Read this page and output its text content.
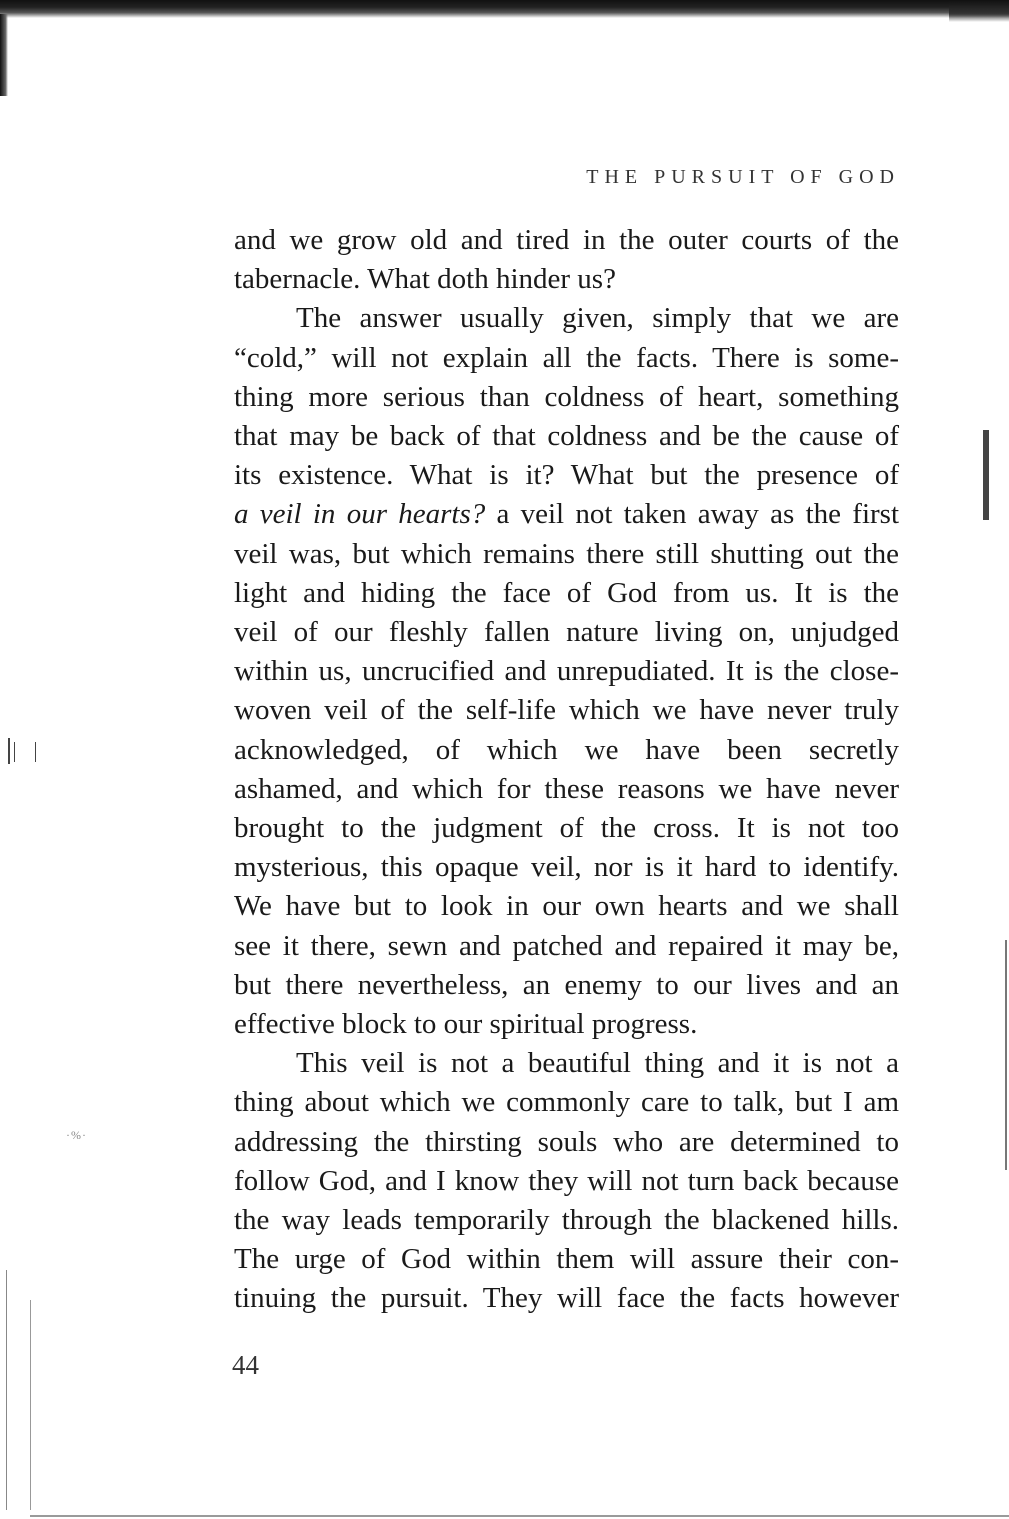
·%·
THE PURSUIT OF GOD
and we grow old and tired in the outer courts of the
tabernacle. What doth hinder us?
The answer usually given, simply that we are
“cold,” will not explain all the facts. There is some-
thing more serious than coldness of heart, something
that may be back of that coldness and be the cause of
its existence. What is it? What but the presence of
a veil in our hearts? a veil not taken away as the first
veil was, but which remains there still shutting out the
light and hiding the face of God from us. It is the
veil of our fleshly fallen nature living on, unjudged
within us, uncrucified and unrepudiated. It is the close-
woven veil of the self-life which we have never truly
acknowledged, of which we have been secretly
ashamed, and which for these reasons we have never
brought to the judgment of the cross. It is not too
mysterious, this opaque veil, nor is it hard to identify.
We have but to look in our own hearts and we shall
see it there, sewn and patched and repaired it may be,
but there nevertheless, an enemy to our lives and an
effective block to our spiritual progress.
This veil is not a beautiful thing and it is not a
thing about which we commonly care to talk, but I am
addressing the thirsting souls who are determined to
follow God, and I know they will not turn back because
the way leads temporarily through the blackened hills.
The urge of God within them will assure their con-
tinuing the pursuit. They will face the facts however
44
